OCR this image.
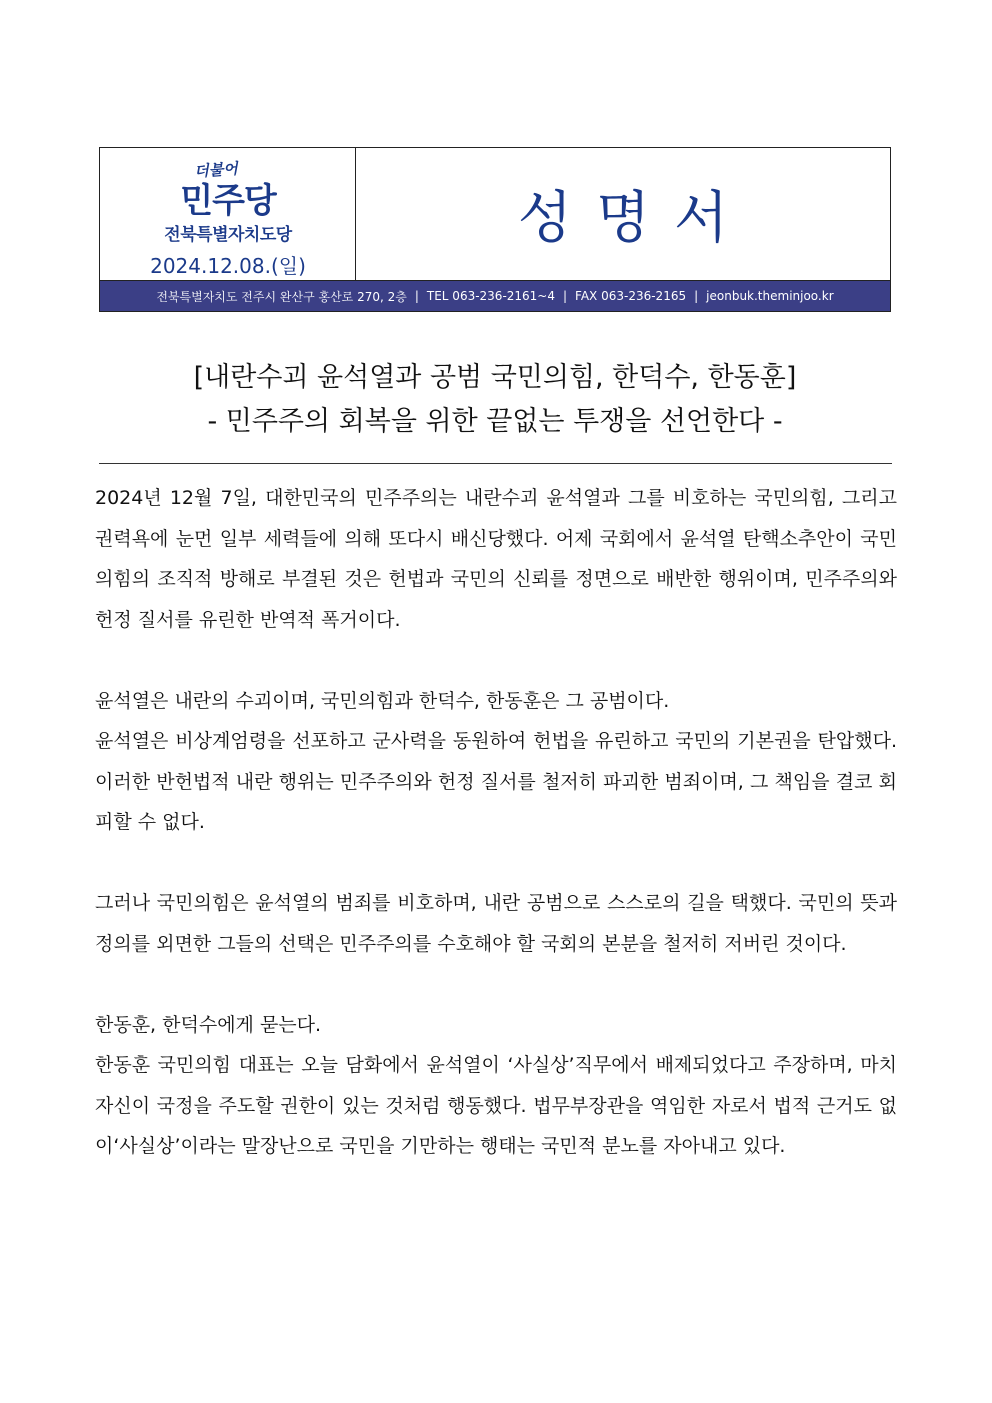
더불어
민주당
전북특별자치도당
2024.12.08.(일)
성명서
전북특별자치도 전주시 완산구 홍산로 270, 2층 | TEL 063-236-2161~4 | FAX 063-236-2165 | jeonbuk.theminjoo.kr
[내란수괴 윤석열과 공범 국민의힘, 한덕수, 한동훈]
- 민주주의 회복을 위한 끝없는 투쟁을 선언한다 -

2024년 12월 7일, 대한민국의 민주주의는 내란수괴 윤석열과 그를 비호하는 국민의힘, 그리고 권력욕에 눈먼 일부 세력들에 의해 또다시 배신당했다. 어제 국회에서 윤석열 탄핵소추안이 국민의힘의 조직적 방해로 부결된 것은 헌법과 국민의 신뢰를 정면으로 배반한 행위이며, 민주주의와 헌정 질서를 유린한 반역적 폭거이다.

윤석열은 내란의 수괴이며, 국민의힘과 한덕수, 한동훈은 그 공범이다.

윤석열은 비상계엄령을 선포하고 군사력을 동원하여 헌법을 유린하고 국민의 기본권을 탄압했다. 이러한 반헌법적 내란 행위는 민주주의와 헌정 질서를 철저히 파괴한 범죄이며, 그 책임을 결코 회피할 수 없다.

그러나 국민의힘은 윤석열의 범죄를 비호하며, 내란 공범으로 스스로의 길을 택했다. 국민의 뜻과 정의를 외면한 그들의 선택은 민주주의를 수호해야 할 국회의 본분을 철저히 저버린 것이다.

한동훈, 한덕수에게 묻는다.

한동훈 국민의힘 대표는 오늘 담화에서 윤석열이 ‘사실상’직무에서 배제되었다고 주장하며, 마치 자신이 국정을 주도할 권한이 있는 것처럼 행동했다. 법무부장관을 역임한 자로서 법적 근거도 없이‘사실상’이라는 말장난으로 국민을 기만하는 행태는 국민적 분노를 자아내고 있다.
